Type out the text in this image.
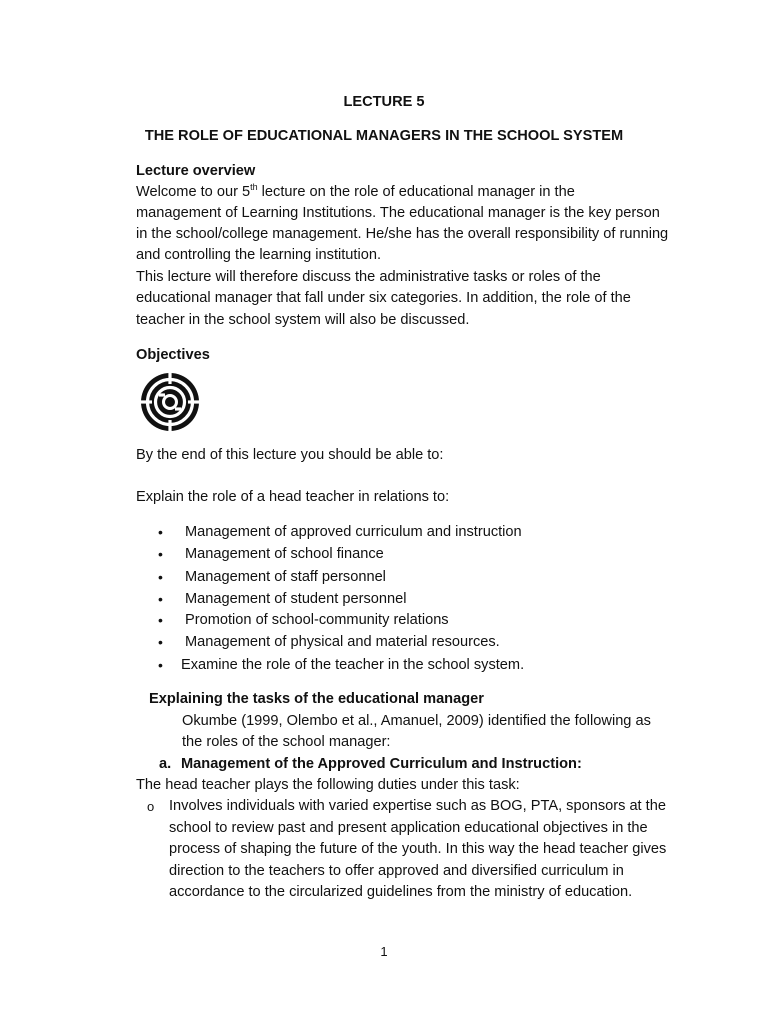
LECTURE 5
THE ROLE OF EDUCATIONAL MANAGERS IN THE SCHOOL SYSTEM
Lecture overview
Welcome to our 5th lecture on the role of educational manager in the
management of Learning Institutions. The educational manager is the key person
in the school/college management. He/she has the overall responsibility of running
and controlling the learning institution.
This lecture will therefore discuss the administrative tasks or roles of the
educational manager that fall under six categories. In addition, the role of the
teacher in the school system will also be discussed.
Objectives
By the end of this lecture you should be able to:
Explain the role of a head teacher in relations to:
• Management of approved curriculum and instruction
• Management of school finance
• Management of staff personnel
• Management of student personnel
• Promotion of school-community relations
• Management of physical and material resources.
• Examine the role of the teacher in the school system.
Explaining the tasks of the educational manager
Okumbe (1999, Olembo et al., Amanuel, 2009) identified the following as
the roles of the school manager:
a. Management of the Approved Curriculum and Instruction:
The head teacher plays the following duties under this task:
o Involves individuals with varied expertise such as BOG, PTA, sponsors at the
school to review past and present application educational objectives in the
process of shaping the future of the youth. In this way the head teacher gives
direction to the teachers to offer approved and diversified curriculum in
accordance to the circularized guidelines from the ministry of education.
1
